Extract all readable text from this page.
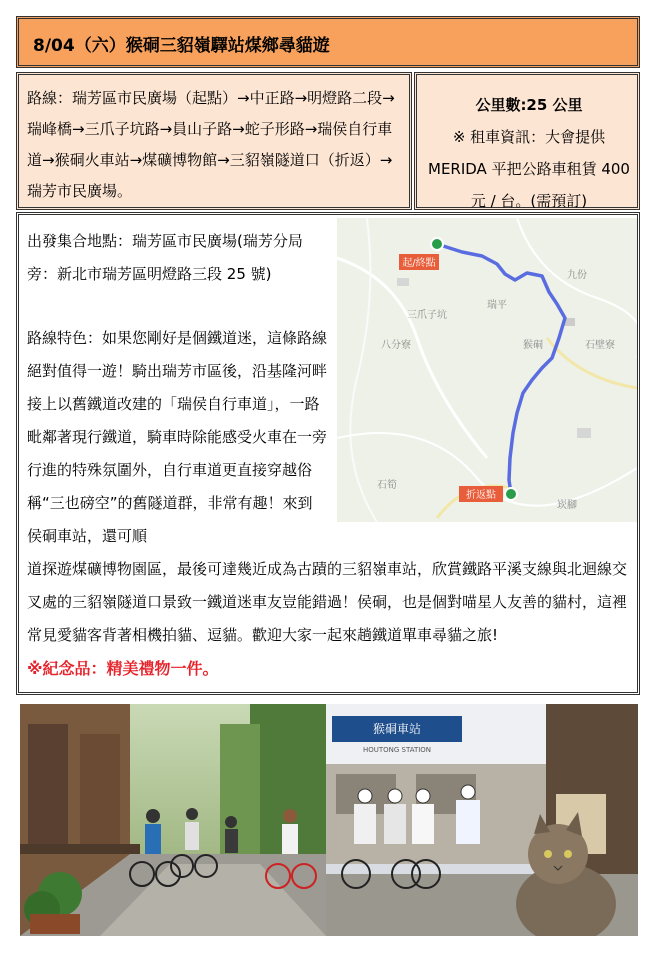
8/04（六）猴硐三貂嶺驛站煤鄉尋貓遊
路線：瑞芳區市民廣場（起點）→中正路→明燈路二段→瑞峰橋→三爪子坑路→員山子路→蛇子形路→瑞侯自行車道→猴硐火車站→煤礦博物館→三貂嶺隧道口（折返）→瑞芳市民廣場。
公里數:25 公里
※ 租車資訊：大會提供 MERIDA 平把公路車租賃 400 元 / 台。(需預訂)
出發集合地點：瑞芳區市民廣場(瑞芳分局旁：新北市瑞芳區明燈路三段 25 號)
路線特色：如果您剛好是個鐵道迷，這條路線絕對值得一遊！騎出瑞芳市區後，沿基隆河畔接上以舊鐵道改建的「瑞侯自行車道」，一路毗鄰著現行鐵道，騎車時除能感受火車在一旁行進的特殊氛圍外，自行車道更直接穿越俗稱“三也磅空”的舊隧道群，非常有趣！來到侯硐車站，還可順
道探遊煤礦博物園區，最後可達幾近成為古蹟的三貂嶺車站，欣賞鐵路平溪支線與北迴線交叉處的三貂嶺隧道口景致一鐵道迷車友豈能錯過！侯硐，也是個對喵星人友善的貓村，這裡常見愛貓客背著相機拍貓、逗貓。歡迎大家一起來趟鐵道單車尋貓之旅!
※紀念品：精美禮物一件。
八分寮
三爪子坑
瑞平
九份
猴硐	石壁寮
石筍
崁腳
起/終點
折返點
猴硐車站
HOUTONG STATION
